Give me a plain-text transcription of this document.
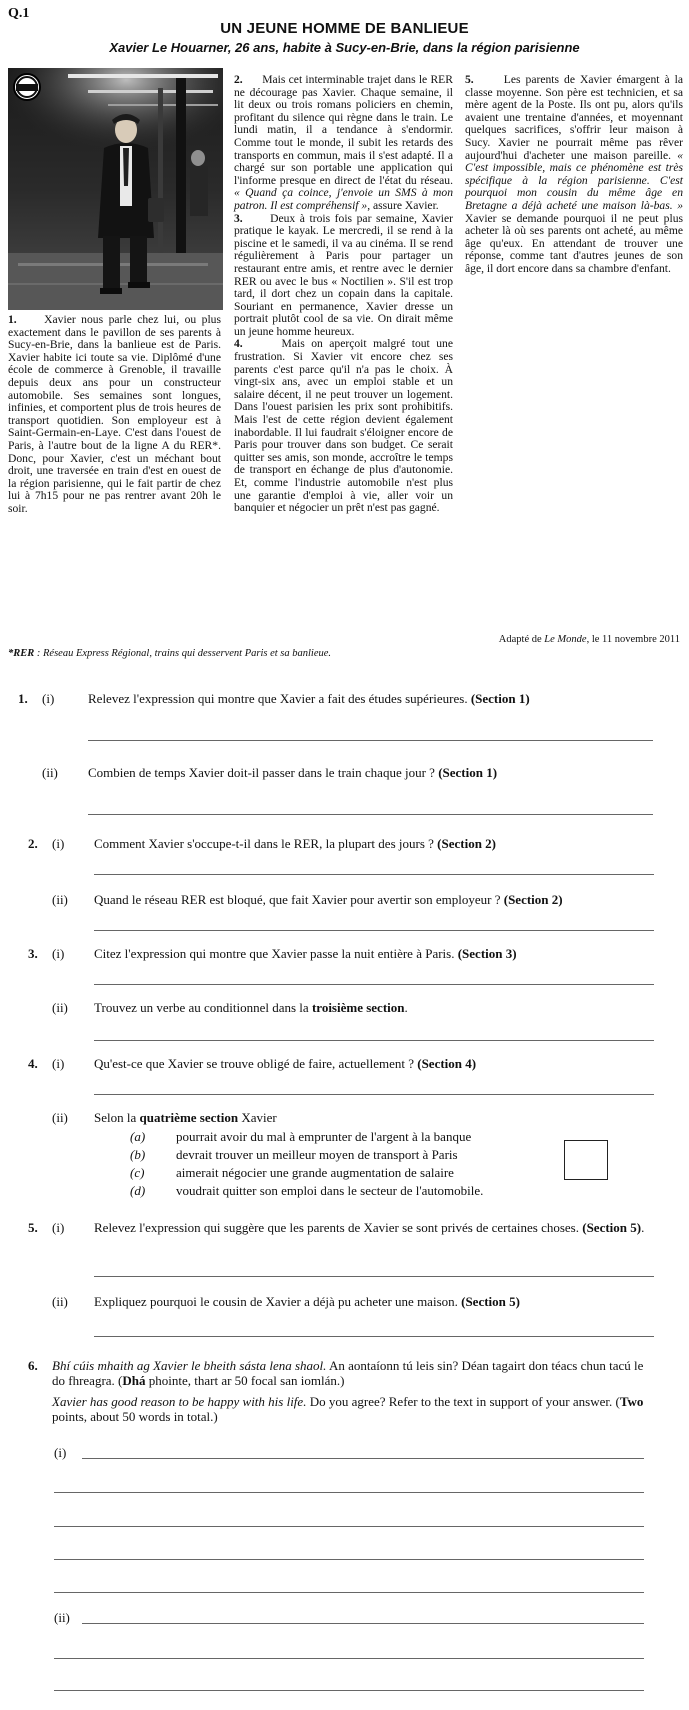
Q.1
UN JEUNE HOMME DE BANLIEUE
Xavier Le Houarner, 26 ans, habite à Sucy-en-Brie, dans la région parisienne

1. Xavier nous parle chez lui, ou plus exactement dans le pavillon de ses parents à Sucy-en-Brie, dans la banlieue est de Paris. Xavier habite ici toute sa vie. Diplômé d'une école de commerce à Grenoble, il travaille depuis deux ans pour un constructeur automobile. Ses semaines sont longues, infinies, et comportent plus de trois heures de transport quotidien. Son employeur est à Saint-Germain-en-Laye. C'est dans l'ouest de Paris, à l'autre bout de la ligne A du RER*. Donc, pour Xavier, c'est un méchant bout droit, une traversée en train d'est en ouest de la région parisienne, qui le fait partir de chez lui à 7h15 pour ne pas rentrer avant 20h le soir.

2. Mais cet interminable trajet dans le RER ne décourage pas Xavier. Chaque semaine, il lit deux ou trois romans policiers en chemin, profitant du silence qui règne dans le train. Le lundi matin, il a tendance à s'endormir. Comme tout le monde, il subit les retards des transports en commun, mais il s'est adapté. Il a chargé sur son portable une application qui l'informe presque en direct de l'état du réseau. « Quand ça coince, j'envoie un SMS à mon patron. Il est compréhensif », assure Xavier.

3. Deux à trois fois par semaine, Xavier pratique le kayak. Le mercredi, il se rend à la piscine et le samedi, il va au cinéma. Il se rend régulièrement à Paris pour partager un restaurant entre amis, et rentre avec le dernier RER ou avec le bus « Noctilien ». S'il est trop tard, il dort chez un copain dans la capitale. Souriant en permanence, Xavier dresse un portrait plutôt cool de sa vie. On dirait même un jeune homme heureux.

4.	Mais on aperçoit malgré tout une frustration. Si Xavier vit encore chez ses parents c'est parce qu'il n'a pas le choix. À vingt-six ans, avec un emploi stable et un salaire décent, il ne peut trouver un logement. Dans l'ouest parisien les prix sont prohibitifs. Mais l'est de cette région devient également inabordable. Il lui faudrait s'éloigner encore de Paris pour trouver dans son budget. Ce serait quitter ses amis, son monde, accroître le temps de transport en échange de plus d'autonomie. Et, comme l'industrie automobile n'est plus une garantie d'emploi à vie, aller voir un banquier et négocier un prêt n'est pas gagné.

5.	Les parents de Xavier émargent à la classe moyenne. Son père est technicien, et sa mère agent de la Poste. Ils ont pu, alors qu'ils avaient une trentaine d'années, et moyennant quelques sacrifices, s'offrir leur maison à Sucy. Xavier ne pourrait même pas rêver aujourd'hui d'acheter une maison pareille. « C'est impossible, mais ce phénomène est très spécifique à la région parisienne. C'est pourquoi mon cousin du même âge en Bretagne a déjà acheté une maison là-bas. » Xavier se demande pourquoi il ne peut plus acheter là où ses parents ont acheté, au même âge qu'eux. En attendant de trouver une réponse, comme tant d'autres jeunes de son âge, il dort encore dans sa chambre d'enfant.

Adapté de Le Monde, le 11 novembre 2011
*RER : Réseau Express Régional, trains qui desservent Paris et sa banlieue.
1. (i)	Relevez l'expression qui montre que Xavier a fait des études supérieures. (Section 1)
(ii) Combien de temps Xavier doit-il passer dans le train chaque jour ? (Section 1)
2. (i) Comment Xavier s'occupe-t-il dans le RER, la plupart des jours ? (Section 2)
(ii) Quand le réseau RER est bloqué, que fait Xavier pour avertir son employeur ? (Section 2)
3. (i) Citez l'expression qui montre que Xavier passe la nuit entière à Paris. (Section 3)
(ii) Trouvez un verbe au conditionnel dans la troisième section.
4. (i) Qu'est-ce que Xavier se trouve obligé de faire, actuellement ? (Section 4)
(ii) Selon la quatrième section Xavier
(a) pourrait avoir du mal à emprunter de l'argent à la banque
(b) devrait trouver un meilleur moyen de transport à Paris
(c) aimerait négocier une grande augmentation de salaire
(d) voudrait quitter son emploi dans le secteur de l'automobile.
5. (i) Relevez l'expression qui suggère que les parents de Xavier se sont privés de certaines choses. (Section 5).
(ii) Expliquez pourquoi le cousin de Xavier a déjà pu acheter une maison. (Section 5)
6. Bhí cúis mhaith ag Xavier le bheith sásta lena shaol. An aontaíonn tú leis sin? Déan tagairt don téacs chun tacú le do fhreagra. (Dhá phointe, thart ar 50 focal san iomlán.)
Xavier has good reason to be happy with his life. Do you agree? Refer to the text in support of your answer. (Two points, about 50 words in total.)
(i)
(ii)
